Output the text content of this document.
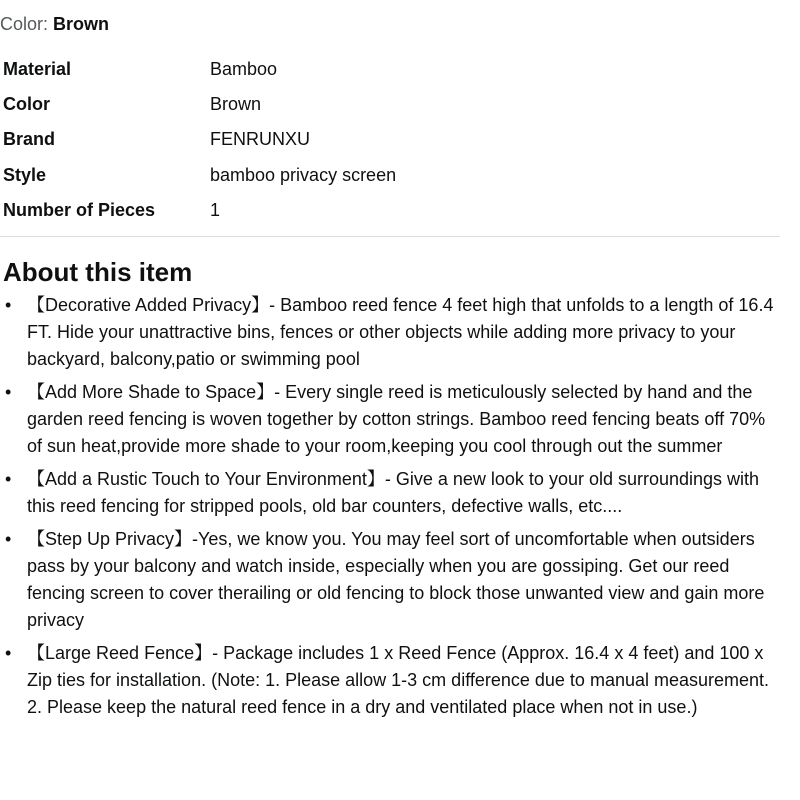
Color: Brown
Material	Bamboo
Color	Brown
Brand	FENRUNXU
Style	bamboo privacy screen
Number of Pieces	1
About this item
• 【Decorative Added Privacy】- Bamboo reed fence 4 feet high that unfolds to a length of 16.4 FT. Hide your unattractive bins, fences or other objects while adding more privacy to your backyard, balcony,patio or swimming pool
• 【Add More Shade to Space】- Every single reed is meticulously selected by hand and the garden reed fencing is woven together by cotton strings. Bamboo reed fencing beats off 70% of sun heat,provide more shade to your room,keeping you cool through out the summer
• 【Add a Rustic Touch to Your Environment】- Give a new look to your old surroundings with this reed fencing for stripped pools, old bar counters, defective walls, etc....
• 【Step Up Privacy】-Yes, we know you. You may feel sort of uncomfortable when outsiders pass by your balcony and watch inside, especially when you are gossiping. Get our reed fencing screen to cover therailing or old fencing to block those unwanted view and gain more privacy
• 【Large Reed Fence】- Package includes 1 x Reed Fence (Approx. 16.4 x 4 feet) and 100 x Zip ties for installation. (Note: 1. Please allow 1-3 cm difference due to manual measurement. 2. Please keep the natural reed fence in a dry and ventilated place when not in use.)
